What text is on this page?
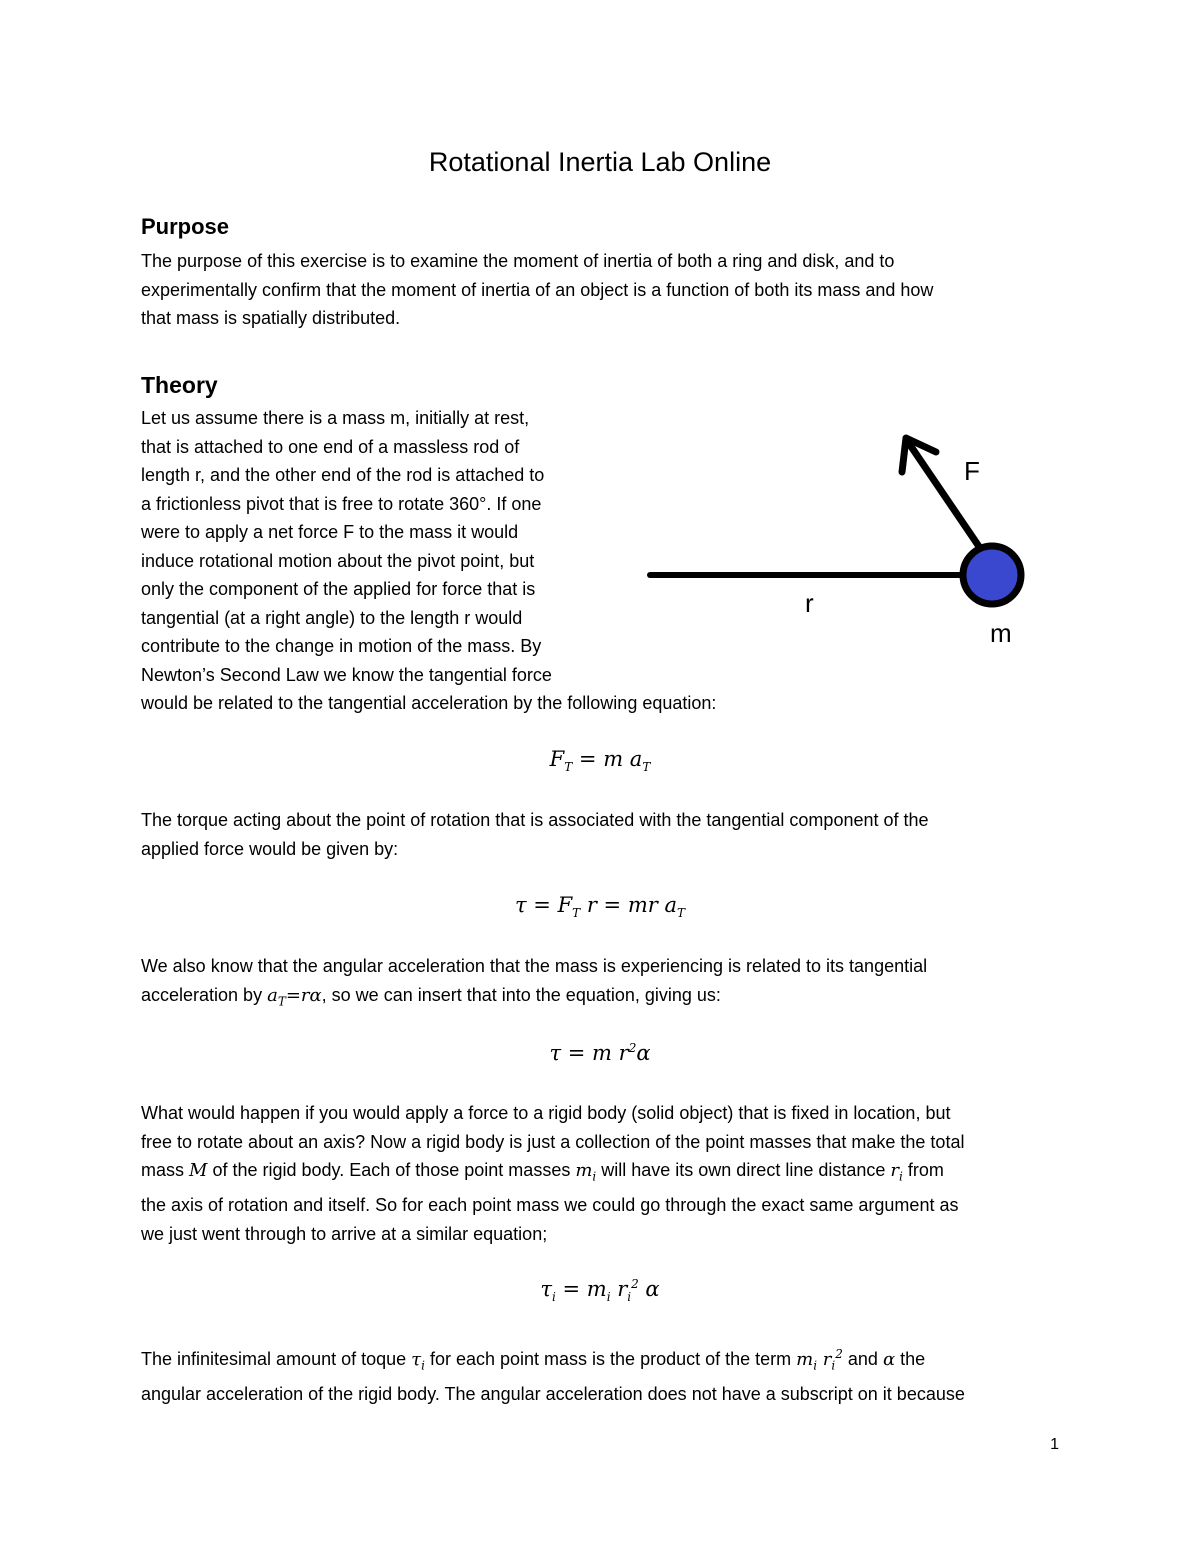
Rotational Inertia Lab Online
Purpose
The purpose of this exercise is to examine the moment of inertia of both a ring and disk, and to
experimentally confirm that the moment of inertia of an object is a function of both its mass and how
that mass is spatially distributed.
Theory
Let us assume there is a mass m, initially at rest,
that is attached to one end of a massless rod of
length r, and the other end of the rod is attached to
a frictionless pivot that is free to rotate 360°. If one
were to apply a net force F to the mass it would
induce rotational motion about the pivot point, but
only the component of the applied for force that is
tangential (at a right angle) to the length r would
contribute to the change in motion of the mass. By
Newton’s Second Law we know the tangential force
would be related to the tangential acceleration by the following equation:
F
r
m
$F_T = m$ $a_T$
The torque acting about the point of rotation that is associated with the tangential component of the
applied force would be given by:
$\tau = F_T$ r = mr $a_T$
We also know that the angular acceleration that the mass is experiencing is related to its tangential
acceleration by $a_T=r\alpha$, so we can insert that into the equation, giving us:
τ = m $r^2\alpha$
What would happen if you would apply a force to a rigid body (solid object) that is fixed in location, but
free to rotate about an axis? Now a rigid body is just a collection of the point masses that make the total
mass M of the rigid body. Each of those point masses $m_i$ will have its own direct line distance $r_i$ from
the axis of rotation and itself. So for each point mass we could go through the exact same argument as
we just went through to arrive at a similar equation;
$\tau_i = m_i$ $r_i^2$ α
The infinitesimal amount of toque $\tau_i$ for each point mass is the product of the term $m_i$ $r_i^2$ and α the
angular acceleration of the rigid body. The angular acceleration does not have a subscript on it because
1
